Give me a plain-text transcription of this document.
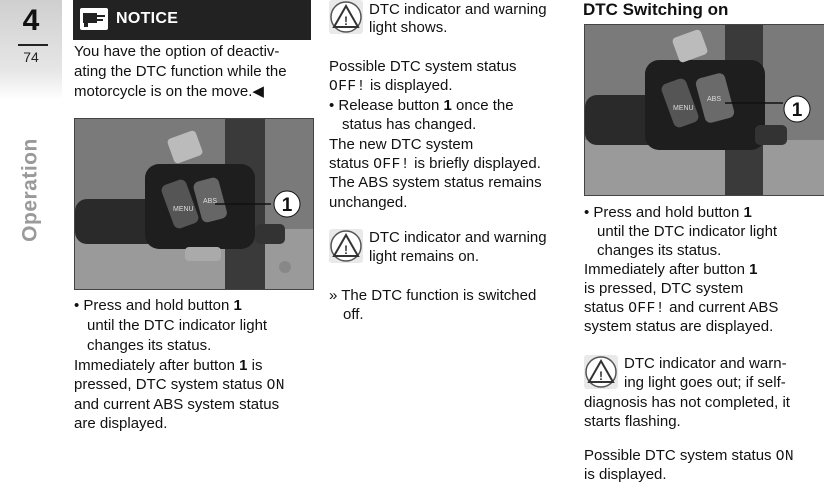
4
74
Operation
NOTICE
You have the option of deactiv-
ating the DTC function while the
motorcycle is on the move.◀
MENU
ABS	1
• Press and hold button 1
until the DTC indicator light
changes its status.
Immediately after button 1 is
pressed, DTC system status ON
and current ABS system status
are displayed.
!
DTC indicator and warning
light shows.
Possible DTC system status
OFF! is displayed.
• Release button 1 once the
status has changed.
The new DTC system
status OFF! is briefly displayed.
The ABS system status remains
unchanged.
!
DTC indicator and warning
light remains on.
» The DTC function is switched
off.
DTC Switching on
MENU
ABS
1
• Press and hold button 1
until the DTC indicator light
changes its status.
Immediately after button 1
is pressed, DTC system
status OFF! and current ABS
system status are displayed.
!
DTC indicator and warn-
ing light goes out; if self-
diagnosis has not completed, it
starts flashing.
Possible DTC system status ON
is displayed.
